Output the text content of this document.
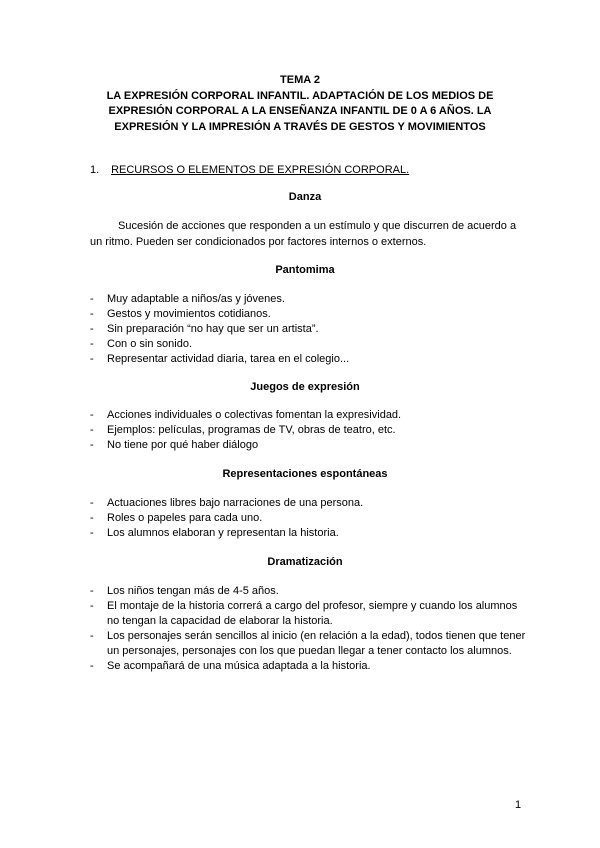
TEMA 2
LA EXPRESIÓN CORPORAL INFANTIL. ADAPTACIÓN DE LOS MEDIOS DE
EXPRESIÓN CORPORAL A LA ENSEÑANZA INFANTIL DE 0 A 6 AÑOS. LA
EXPRESIÓN Y LA IMPRESIÓN A TRAVÉS DE GESTOS Y MOVIMIENTOS
1. RECURSOS O ELEMENTOS DE EXPRESIÓN CORPORAL.
Danza
Sucesión de acciones que responden a un estímulo y que discurren de acuerdo a un ritmo. Pueden ser condicionados por factores internos o externos.
Pantomima
- Muy adaptable a niños/as y jóvenes.
- Gestos y movimientos cotidianos.
- Sin preparación “no hay que ser un artista”.
- Con o sin sonido.
- Representar actividad diaria, tarea en el colegio...
Juegos de expresión
- Acciones individuales o colectivas fomentan la expresividad.
- Ejemplos: películas, programas de TV, obras de teatro, etc.
- No tiene por qué haber diálogo
Representaciones espontáneas
- Actuaciones libres bajo narraciones de una persona.
- Roles o papeles para cada uno.
- Los alumnos elaboran y representan la historia.
Dramatización
- Los niños tengan más de 4-5 años.
- El montaje de la historia correrá a cargo del profesor, siempre y cuando los alumnos no tengan la capacidad de elaborar la historia.
- Los personajes serán sencillos al inicio (en relación a la edad), todos tienen que tener un personajes, personajes con los que puedan llegar a tener contacto los alumnos.
- Se acompañará de una música adaptada a la historia.
1
